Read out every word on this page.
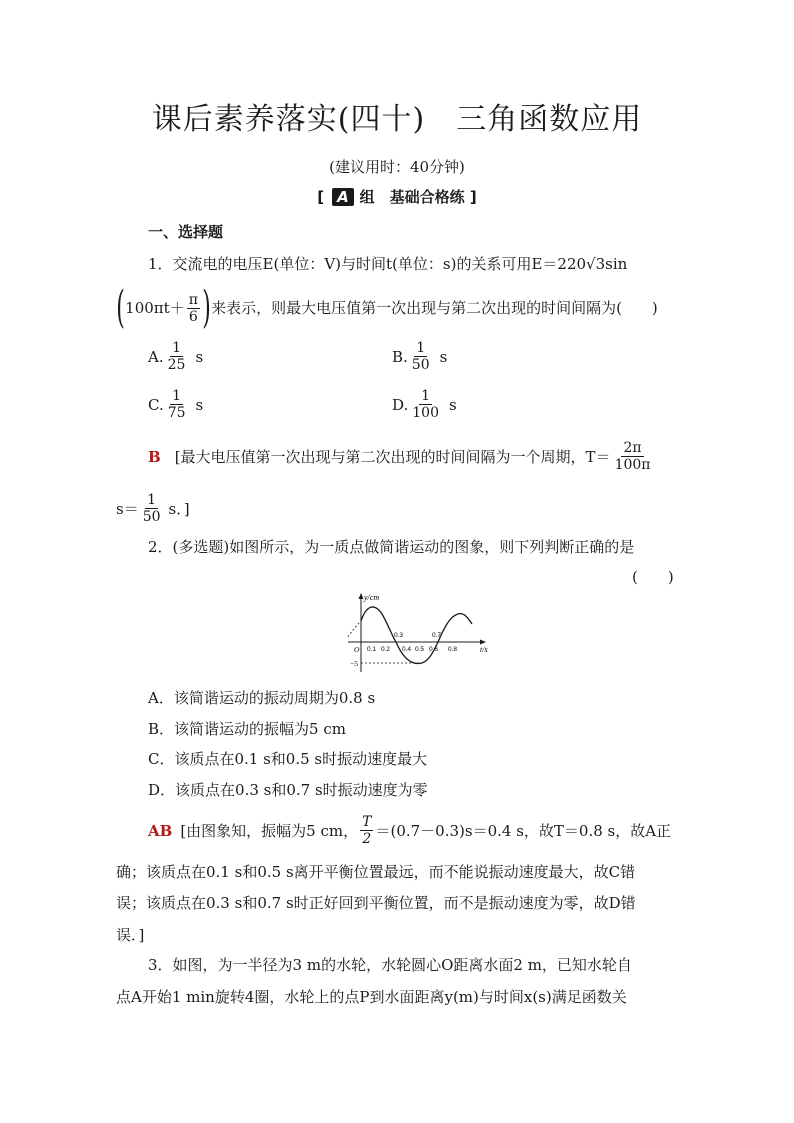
课后素养落实(四十)　三角函数应用
(建议用时：40分钟)
[ A 组　基础合格练 ]
一、选择题
1．交流电的电压E(单位：V)与时间t(单位：s)的关系可用E＝220√3sin
( $100\pi t+ \frac{\pi}{6}$ ) 来表示，则最大电压值第一次出现与第二次出现的时间间隔为(　　)
A. $\frac{1}{25}$ s	B. $\frac{1}{50}$ s
C. $\frac{1}{75}$ s	D. $\frac{1}{100}$ s
B [最大电压值第一次出现与第二次出现的时间间隔为一个周期，$T= \frac{2\pi}{100\pi}$
$s= \frac{1}{50}$ s．]
2．(多选题)如图所示，为一质点做简谐运动的图象，则下列判断正确的是
(　　)
y/cm
t/s
O
−5
0.1 0.2 0.4 0.5 0.6 0.8
0.3	0.7
A．该简谐运动的振动周期为0.8 s
B．该简谐运动的振幅为5 cm
C．该质点在0.1 s和0.5 s时振动速度最大
D．该质点在0.3 s和0.7 s时振动速度为零
AB [由图象知，振幅为5 cm， $\frac{T}{2} =(0.7-0.3)s=0.4$ s，故T＝0.8 s，故A正
确；该质点在0.1 s和0.5 s离开平衡位置最远，而不能说振动速度最大，故C错
误；该质点在0.3 s和0.7 s时正好回到平衡位置，而不是振动速度为零，故D错
误．]
3．如图，为一半径为3 m的水轮，水轮圆心O距离水面2 m，已知水轮自
点A开始1 min旋转4圈，水轮上的点P到水面距离y(m)与时间x(s)满足函数关
